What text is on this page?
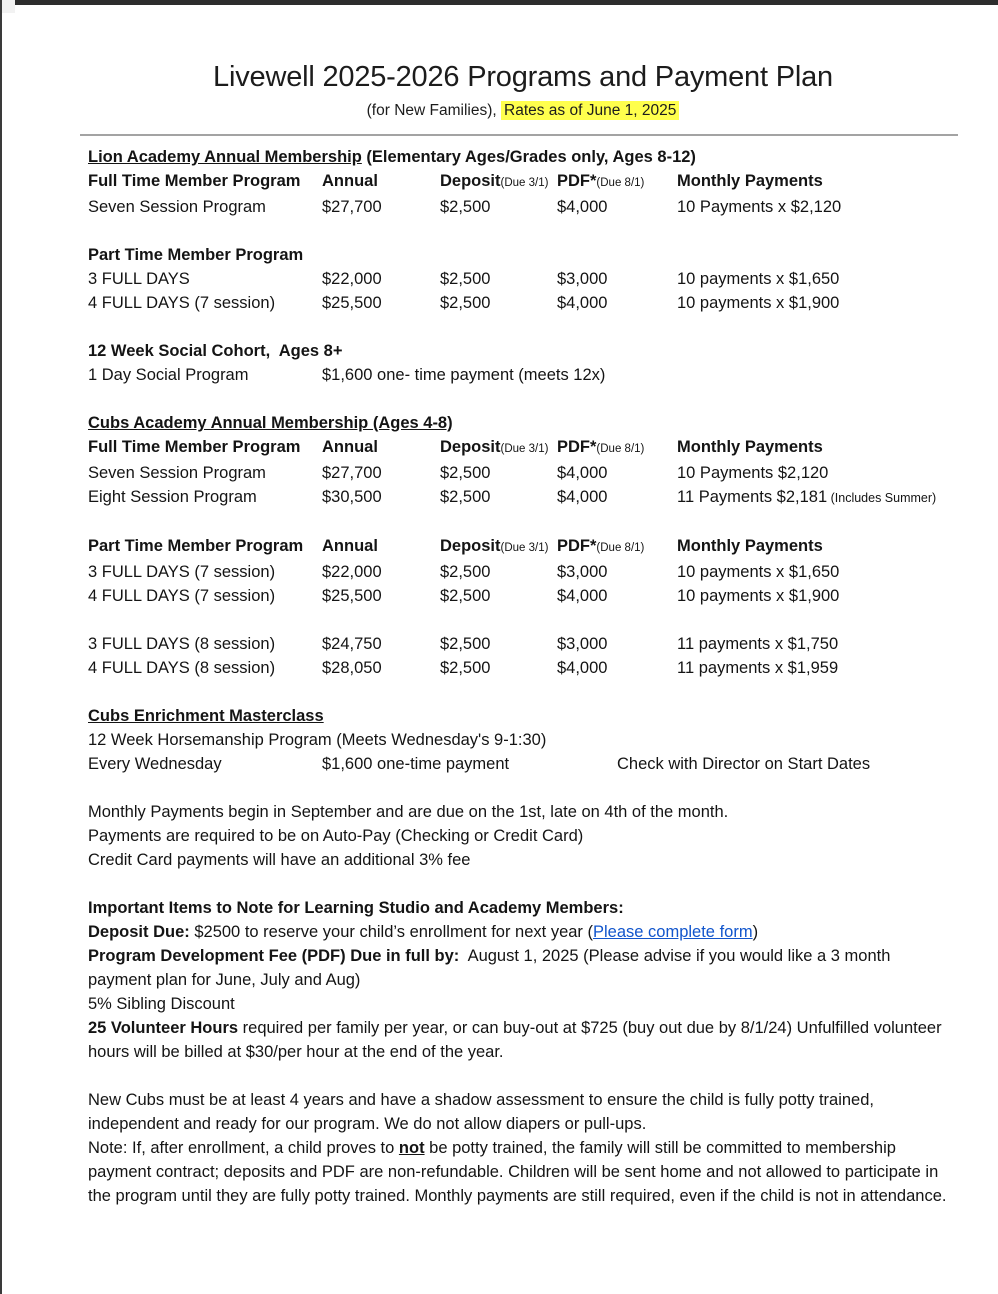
Livewell 2025-2026 Programs and Payment Plan
(for New Families), Rates as of June 1, 2025
Lion Academy Annual Membership (Elementary Ages/Grades only, Ages 8-12)
Full Time Member Program	Annual	Deposit(Due 3/1) PDF*(Due 8/1)	Monthly Payments
Seven Session Program	$27,700	$2,500	$4,000	10 Payments x $2,120
Part Time Member Program
3 FULL DAYS	$22,000	$2,500	$3,000	10 payments x $1,650
4 FULL DAYS (7 session)	$25,500	$2,500	$4,000	10 payments x $1,900
12 Week Social Cohort,  Ages 8+
1 Day Social Program	$1,600 one- time payment (meets 12x)
Cubs Academy Annual Membership (Ages 4-8)
Full Time Member Program	Annual	Deposit(Due 3/1) PDF*(Due 8/1)	Monthly Payments
Seven Session Program	$27,700	$2,500	$4,000	10 Payments $2,120
Eight Session Program	$30,500	$2,500	$4,000	11 Payments $2,181 (Includes Summer)
Part Time Member Program	Annual	Deposit(Due 3/1) PDF*(Due 8/1)	Monthly Payments
3 FULL DAYS (7 session)	$22,000	$2,500	$3,000	10 payments x $1,650
4 FULL DAYS (7 session)	$25,500	$2,500	$4,000	10 payments x $1,900
3 FULL DAYS (8 session)	$24,750	$2,500	$3,000	11 payments x $1,750
4 FULL DAYS (8 session)	$28,050	$2,500	$4,000	11 payments x $1,959
Cubs Enrichment Masterclass
12 Week Horsemanship Program (Meets Wednesday's 9-1:30)
Every Wednesday	$1,600 one-time payment	Check with Director on Start Dates
Monthly Payments begin in September and are due on the 1st, late on 4th of the month.
Payments are required to be on Auto-Pay (Checking or Credit Card)
Credit Card payments will have an additional 3% fee
Important Items to Note for Learning Studio and Academy Members:
Deposit Due: $2500 to reserve your child’s enrollment for next year (Please complete form)
Program Development Fee (PDF) Due in full by:  August 1, 2025 (Please advise if you would like a 3 month payment plan for June, July and Aug)
5% Sibling Discount
25 Volunteer Hours required per family per year, or can buy-out at $725 (buy out due by 8/1/24) Unfulfilled volunteer hours will be billed at $30/per hour at the end of the year.
New Cubs must be at least 4 years and have a shadow assessment to ensure the child is fully potty trained, independent and ready for our program. We do not allow diapers or pull-ups.
Note: If, after enrollment, a child proves to not be potty trained, the family will still be committed to membership payment contract; deposits and PDF are non-refundable. Children will be sent home and not allowed to participate in the program until they are fully potty trained. Monthly payments are still required, even if the child is not in attendance.
